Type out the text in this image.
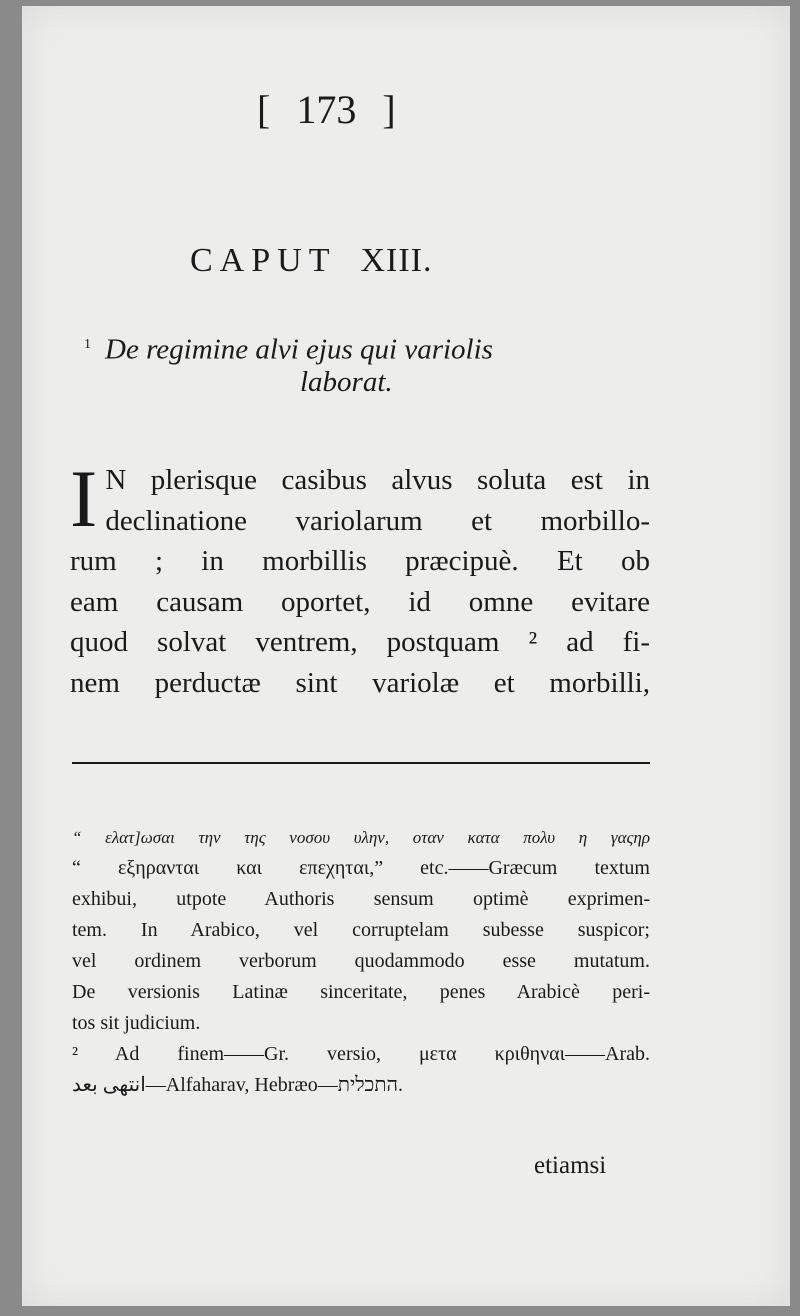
[ 173 ]
CAPUT XIII.
$^1$ De regimine alvi ejus qui variolis
laborat.
I N plerisque casibus alvus soluta est in
declinatione variolarum et morbillo-
rum ; in morbillis præcipuè. Et ob
eam causam oportet, id omne evitare
quod solvat ventrem, postquam ² ad fi-
nem perductæ sint variolæ et morbilli,
“ ελατ]ωσαι την της νοσου υλην, οταν κατα πολυ η γαςηρ
“ εξηρανται και επεχηται,” etc.——Græcum textum
exhibui, utpote Authoris sensum optimè exprimen-
tem. In Arabico, vel corruptelam subesse suspicor;
vel ordinem verborum quodammodo esse mutatum.
De versionis Latinæ sinceritate, penes Arabicè peri-
tos sit judicium.
² Ad finem——Gr. versio, μετα κριθηναι——Arab.
انتهى بعد—Alfaharav, Hebræo—התכלית.
etiamsi
